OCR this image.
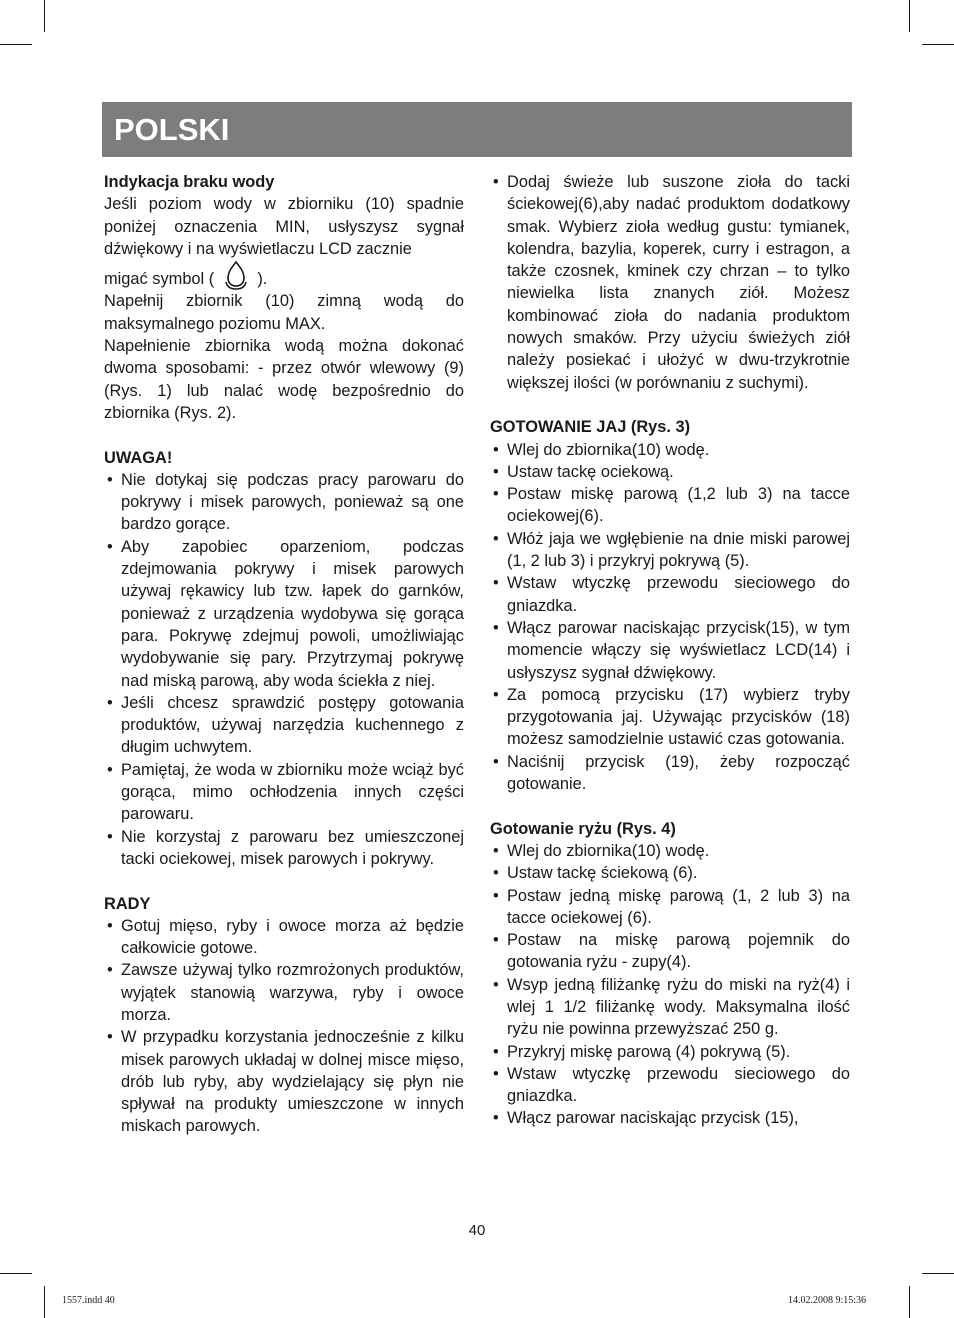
POLSKI
Indykacja braku wody

Jeśli poziom wody w zbiorniku (10) spadnie poniżej oznaczenia MIN, usłyszysz sygnał dźwiękowy i na wyświetlaczu LCD zacznie

migać symbol (	).

Napełnij zbiornik (10) zimną wodą do maksymalnego poziomu MAX.

Napełnienie zbiornika wodą można dokonać dwoma sposobami: - przez otwór wlewowy (9) (Rys. 1) lub nalać wodę bezpośrednio do zbiornika (Rys. 2).

UWAGA!
• Nie dotykaj się podczas pracy parowaru do pokrywy i misek parowych, ponieważ są one bardzo gorące.
• Aby zapobiec oparzeniom, podczas zdejmowania pokrywy i misek parowych używaj rękawicy lub tzw. łapek do garnków, ponieważ z urządzenia wydobywa się gorąca para. Pokrywę zdejmuj powoli, umożliwiając wydobywanie się pary. Przytrzymaj pokrywę nad miską parową, aby woda ściekła z niej.
• Jeśli chcesz sprawdzić postępy gotowania produktów, używaj narzędzia kuchennego z długim uchwytem.
• Pamiętaj, że woda w zbiorniku może wciąż być gorąca, mimo ochłodzenia innych części parowaru.
• Nie korzystaj z parowaru bez umieszczonej tacki ociekowej, misek parowych i pokrywy.
RADY
• Gotuj mięso, ryby i owoce morza aż będzie całkowicie gotowe.
• Zawsze używaj tylko rozmrożonych produktów, wyjątek stanowią warzywa, ryby i owoce morza.
• W przypadku korzystania jednocześnie z kilku misek parowych układaj w dolnej misce mięso, drób lub ryby, aby wydzielający się płyn nie spływał na produkty umieszczone w innych miskach parowych.
• Dodaj świeże lub suszone zioła do tacki ściekowej(6),aby nadać produktom dodatkowy smak. Wybierz zioła według gustu: tymianek, kolendra, bazylia, koperek, curry i estragon, a także czosnek, kminek czy chrzan – to tylko niewielka lista znanych ziół. Możesz kombinować zioła do nadania produktom nowych smaków. Przy użyciu świeżych ziół należy posiekać i ułożyć w dwu-trzykrotnie większej ilości (w porównaniu z suchymi).
GOTOWANIE JAJ (Rys. 3)
• Wlej do zbiornika(10) wodę.
• Ustaw tackę ociekową.
• Postaw miskę parową (1,2 lub 3) na tacce ociekowej(6).
• Włóż jaja we wgłębienie na dnie miski parowej (1, 2 lub 3) i przykryj pokrywą (5).
• Wstaw wtyczkę przewodu sieciowego do gniazdka.
• Włącz parowar naciskając przycisk(15), w tym momencie włączy się wyświetlacz LCD(14) i usłyszysz sygnał dźwiękowy.
• Za pomocą przycisku (17) wybierz tryby przygotowania jaj. Używając przycisków (18) możesz samodzielnie ustawić czas gotowania.
• Naciśnij przycisk (19), żeby rozpocząć gotowanie.
Gotowanie ryżu (Rys. 4)
• Wlej do zbiornika(10) wodę.
• Ustaw tackę ściekową (6).
• Postaw jedną miskę parową (1, 2 lub 3) na tacce ociekowej (6).
• Postaw na miskę parową pojemnik do gotowania ryżu - zupy(4).
• Wsyp jedną filiżankę ryżu do miski na ryż(4) i wlej 1 1/2 filiżankę wody. Maksymalna ilość ryżu nie powinna przewyższać 250 g.
• Przykryj miskę parową (4) pokrywą (5).
• Wstaw wtyczkę przewodu sieciowego do gniazdka.
• Włącz parowar naciskając przycisk (15),
40
1557.indd 40	14.02.2008 9:15:36
